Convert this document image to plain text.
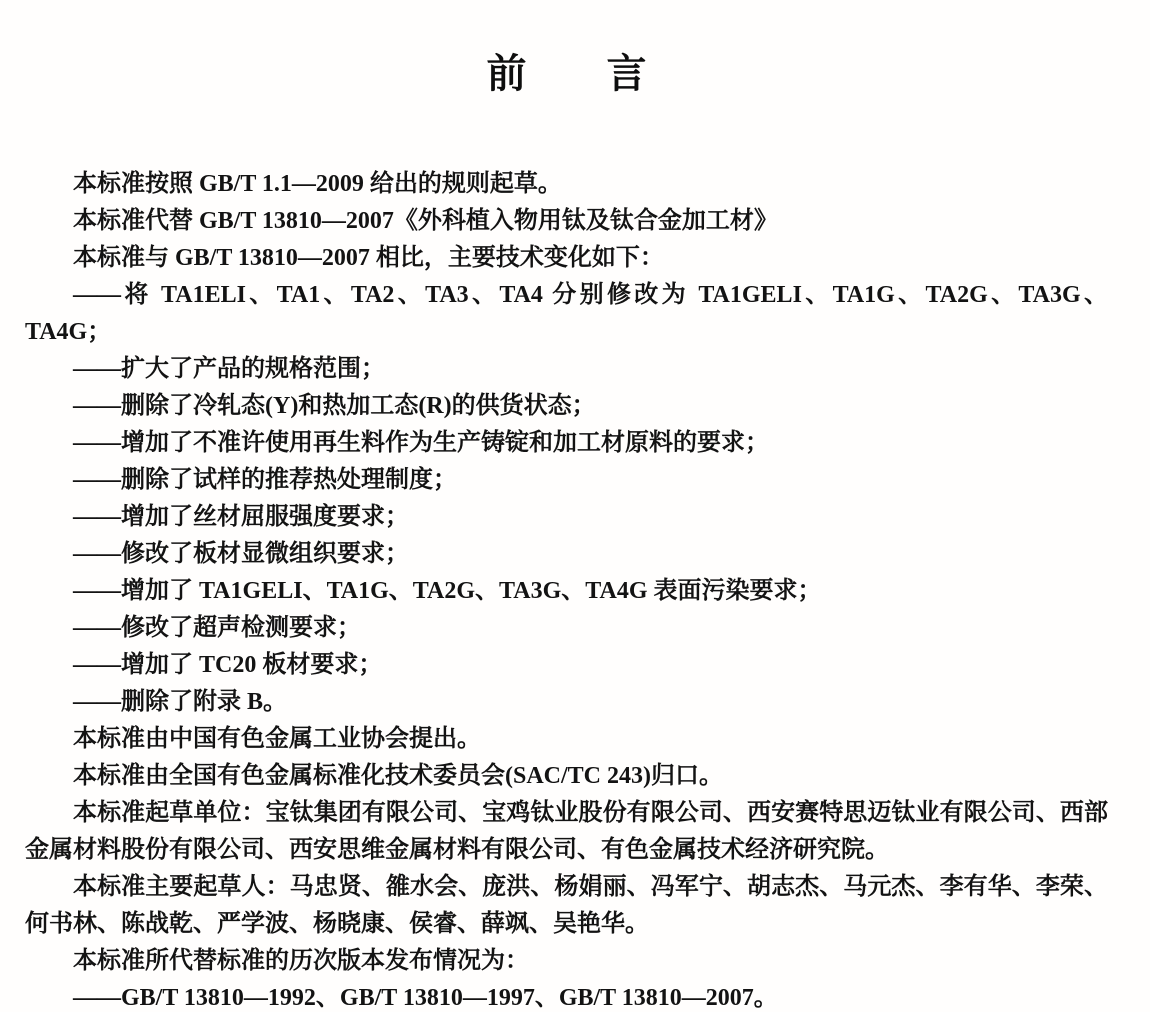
前　　言

本标准按照 GB/T 1.1—2009 给出的规则起草。

本标准代替 GB/T 13810—2007《外科植入物用钛及钛合金加工材》

本标准与 GB/T 13810—2007 相比，主要技术变化如下：

——将 TA1ELI、TA1、TA2、TA3、TA4 分别修改为 TA1GELI、TA1G、TA2G、TA3G、TA4G；

——扩大了产品的规格范围；

——删除了冷轧态(Y)和热加工态(R)的供货状态；

——增加了不准许使用再生料作为生产铸锭和加工材原料的要求；

——删除了试样的推荐热处理制度；

——增加了丝材屈服强度要求；

——修改了板材显微组织要求；

——增加了 TA1GELI、TA1G、TA2G、TA3G、TA4G 表面污染要求；

——修改了超声检测要求；

——增加了 TC20 板材要求；

——删除了附录 B。

本标准由中国有色金属工业协会提出。

本标准由全国有色金属标准化技术委员会(SAC/TC 243)归口。

本标准起草单位：宝钛集团有限公司、宝鸡钛业股份有限公司、西安赛特思迈钛业有限公司、西部金属材料股份有限公司、西安思维金属材料有限公司、有色金属技术经济研究院。

本标准主要起草人：马忠贤、雒水会、庞洪、杨娟丽、冯军宁、胡志杰、马元杰、李有华、李荣、何书林、陈战乾、严学波、杨晓康、侯睿、薛飒、吴艳华。

本标准所代替标准的历次版本发布情况为：

——GB/T 13810—1992、GB/T 13810—1997、GB/T 13810—2007。
